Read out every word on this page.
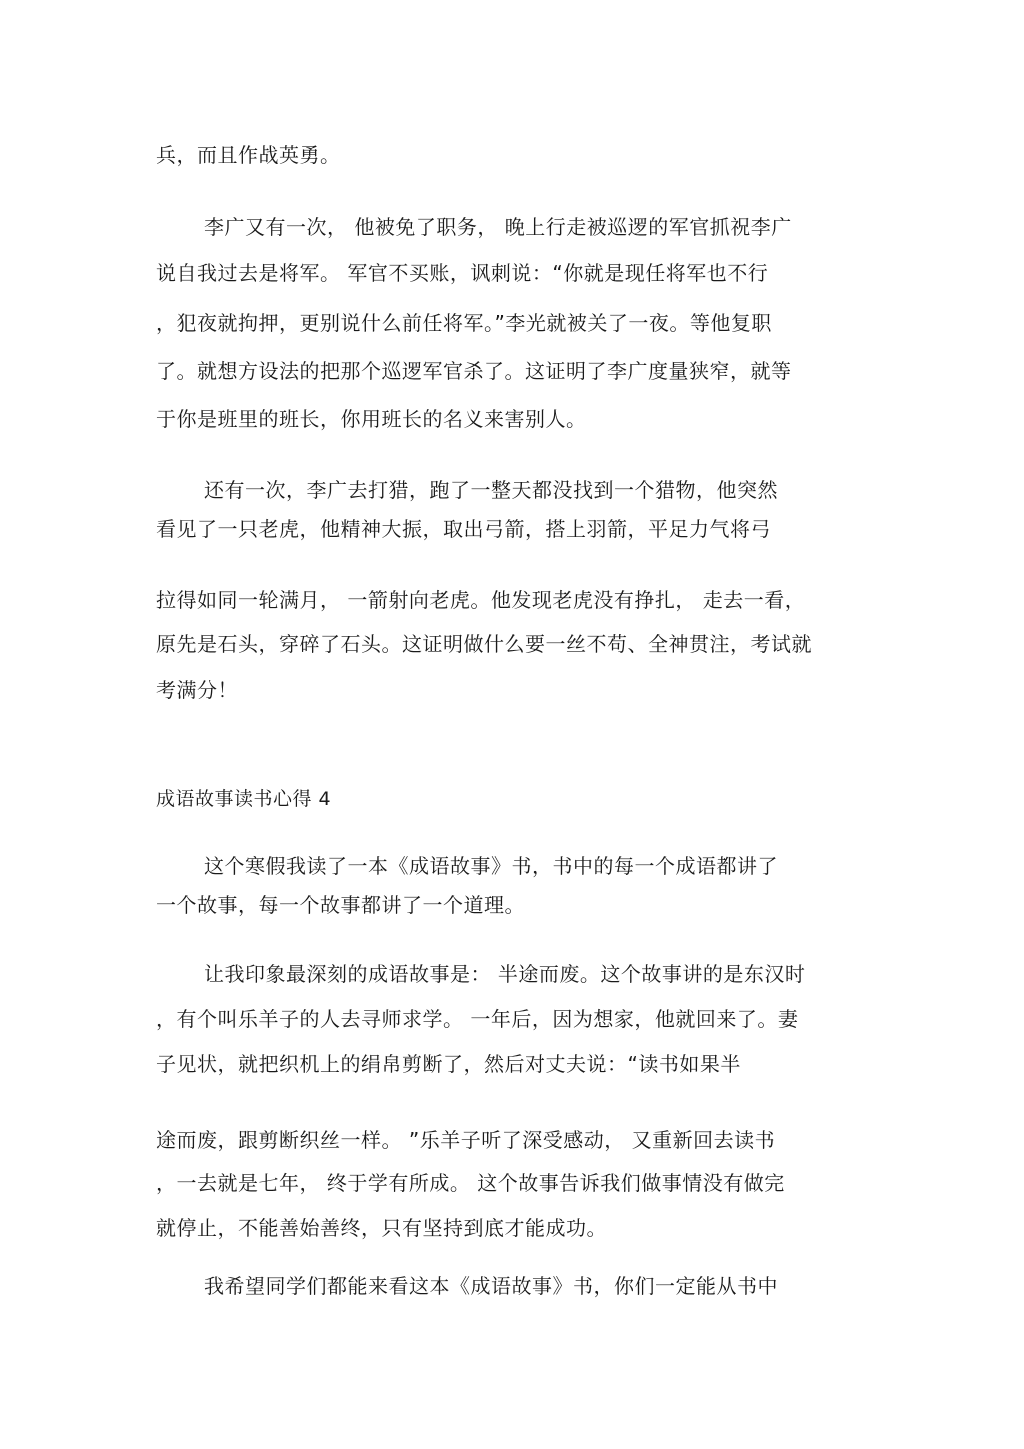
兵，而且作战英勇。
李广又有一次， 他被免了职务， 晚上行走被巡逻的军官抓祝李广
说自我过去是将军。 军官不买账，讽刺说：“你就是现任将军也不行
，犯夜就拘押，更别说什么前任将军。”李光就被关了一夜。等他复职
了。就想方设法的把那个巡逻军官杀了。这证明了李广度量狭窄，就等
于你是班里的班长，你用班长的名义来害别人。
还有一次，李广去打猎，跑了一整天都没找到一个猎物，他突然
看见了一只老虎，他精神大振，取出弓箭，搭上羽箭，平足力气将弓
拉得如同一轮满月， 一箭射向老虎。他发现老虎没有挣扎， 走去一看，
原先是石头，穿碎了石头。这证明做什么要一丝不苟、全神贯注，考试就
考满分！
成语故事读书心得 4
这个寒假我读了一本《成语故事》书，书中的每一个成语都讲了
一个故事，每一个故事都讲了一个道理。
让我印象最深刻的成语故事是： 半途而废。这个故事讲的是东汉时
，有个叫乐羊子的人去寻师求学。 一年后，因为想家，他就回来了。妻
子见状，就把织机上的绢帛剪断了，然后对丈夫说：“读书如果半
途而废，跟剪断织丝一样。 ”乐羊子听了深受感动， 又重新回去读书
，一去就是七年， 终于学有所成。 这个故事告诉我们做事情没有做完
就停止，不能善始善终，只有坚持到底才能成功。
我希望同学们都能来看这本《成语故事》书，你们一定能从书中
